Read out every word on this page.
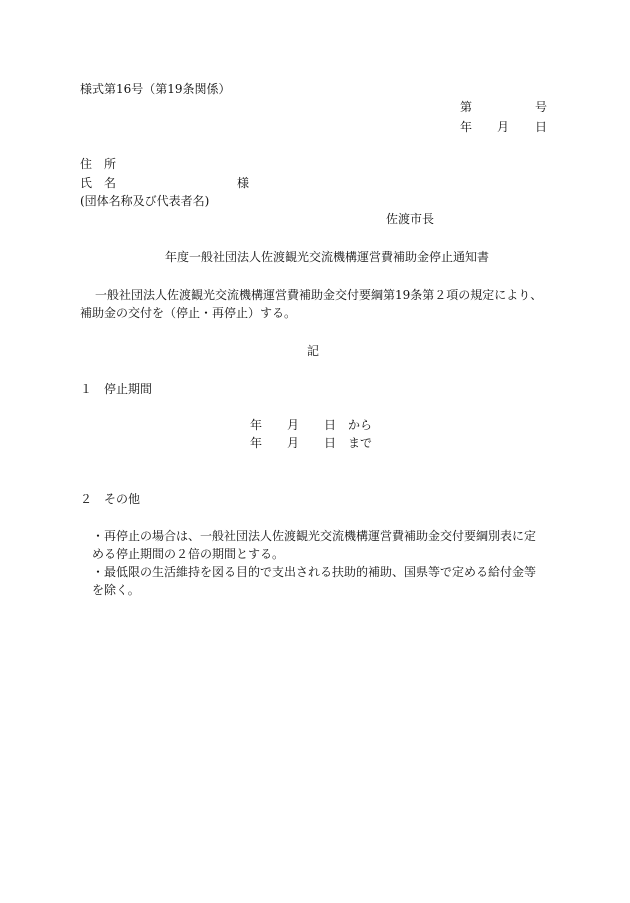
様式第16号（第19条関係）
第	号
年 月 日
住　所
氏　名	様
(団体名称及び代表者名)
佐渡市長
年度一般社団法人佐渡観光交流機構運営費補助金停止通知書
一般社団法人佐渡観光交流機構運営費補助金交付要綱第19条第２項の規定により、
補助金の交付を（停止・再停止）する。
記
１　停止期間
年 月 日 から
年 月 日 まで
２　その他
・再停止の場合は、一般社団法人佐渡観光交流機構運営費補助金交付要綱別表に定
める停止期間の２倍の期間とする。
・最低限の生活維持を図る目的で支出される扶助的補助、国県等で定める給付金等
を除く。
